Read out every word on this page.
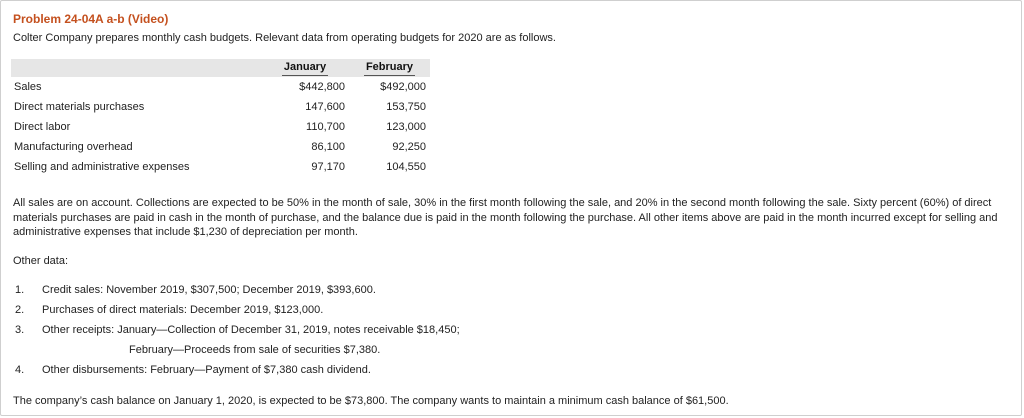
Problem 24-04A a-b (Video)
Colter Company prepares monthly cash budgets. Relevant data from operating budgets for 2020 are as follows.
	January	February
Sales	$442,800	$492,000
Direct materials purchases	147,600	153,750
Direct labor	110,700	123,000
Manufacturing overhead	86,100	92,250
Selling and administrative expenses	97,170	104,550
All sales are on account. Collections are expected to be 50% in the month of sale, 30% in the first month following the sale, and 20% in the second month following the sale. Sixty percent (60%) of direct materials purchases are paid in cash in the month of purchase, and the balance due is paid in the month following the purchase. All other items above are paid in the month incurred except for selling and administrative expenses that include $1,230 of depreciation per month.
Other data:
1. Credit sales: November 2019, $307,500; December 2019, $393,600.
2. Purchases of direct materials: December 2019, $123,000.
3. Other receipts: January—Collection of December 31, 2019, notes receivable $18,450;
February—Proceeds from sale of securities $7,380.
4. Other disbursements: February—Payment of $7,380 cash dividend.
The company’s cash balance on January 1, 2020, is expected to be $73,800. The company wants to maintain a minimum cash balance of $61,500.
